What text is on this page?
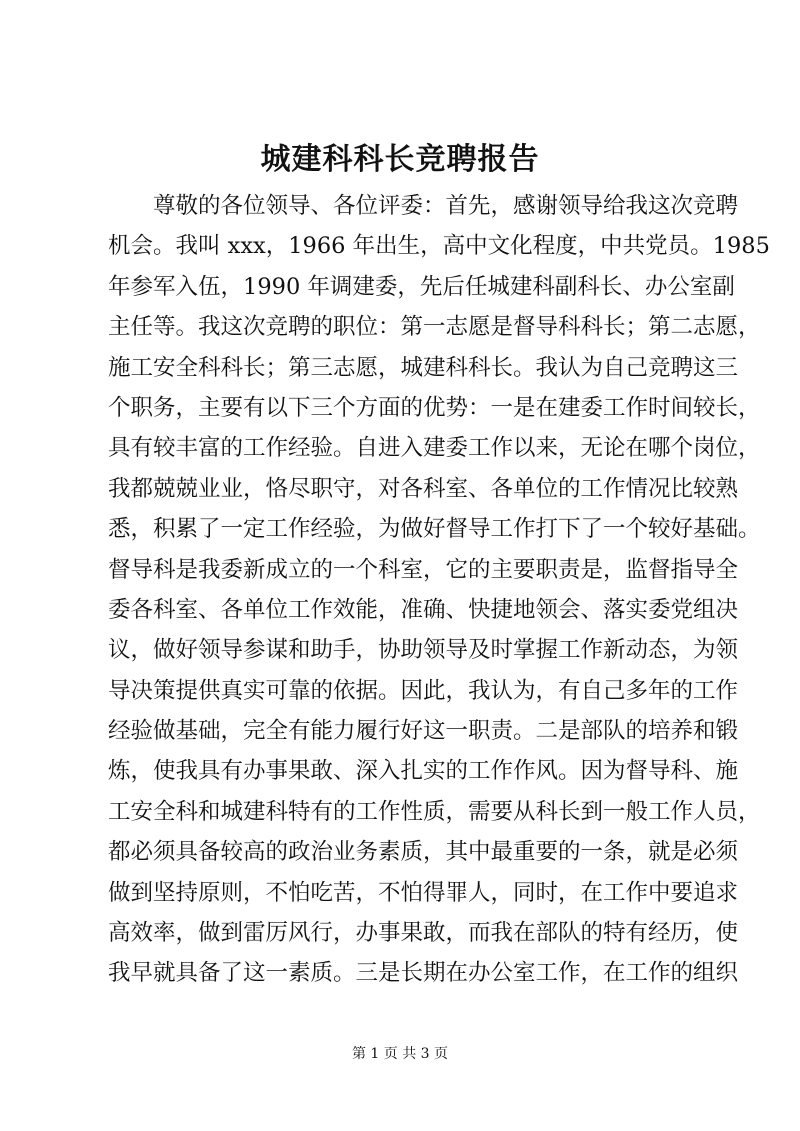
城建科科长竞聘报告
尊敬的各位领导、各位评委：首先，感谢领导给我这次竞聘
机会。我叫 xxx，1966 年出生，高中文化程度，中共党员。1985
年参军入伍，1990 年调建委，先后任城建科副科长、办公室副
主任等。我这次竞聘的职位：第一志愿是督导科科长；第二志愿，
施工安全科科长；第三志愿，城建科科长。我认为自己竞聘这三
个职务，主要有以下三个方面的优势：一是在建委工作时间较长，
具有较丰富的工作经验。自进入建委工作以来，无论在哪个岗位，
我都兢兢业业，恪尽职守，对各科室、各单位的工作情况比较熟
悉，积累了一定工作经验，为做好督导工作打下了一个较好基础。
督导科是我委新成立的一个科室，它的主要职责是，监督指导全
委各科室、各单位工作效能，准确、快捷地领会、落实委党组决
议，做好领导参谋和助手，协助领导及时掌握工作新动态，为领
导决策提供真实可靠的依据。因此，我认为，有自己多年的工作
经验做基础，完全有能力履行好这一职责。二是部队的培养和锻
炼，使我具有办事果敢、深入扎实的工作作风。因为督导科、施
工安全科和城建科特有的工作性质，需要从科长到一般工作人员，
都必须具备较高的政治业务素质，其中最重要的一条，就是必须
做到坚持原则，不怕吃苦，不怕得罪人，同时，在工作中要追求
高效率，做到雷厉风行，办事果敢，而我在部队的特有经历，使
我早就具备了这一素质。三是长期在办公室工作，在工作的组织
第 1 页 共 3 页
